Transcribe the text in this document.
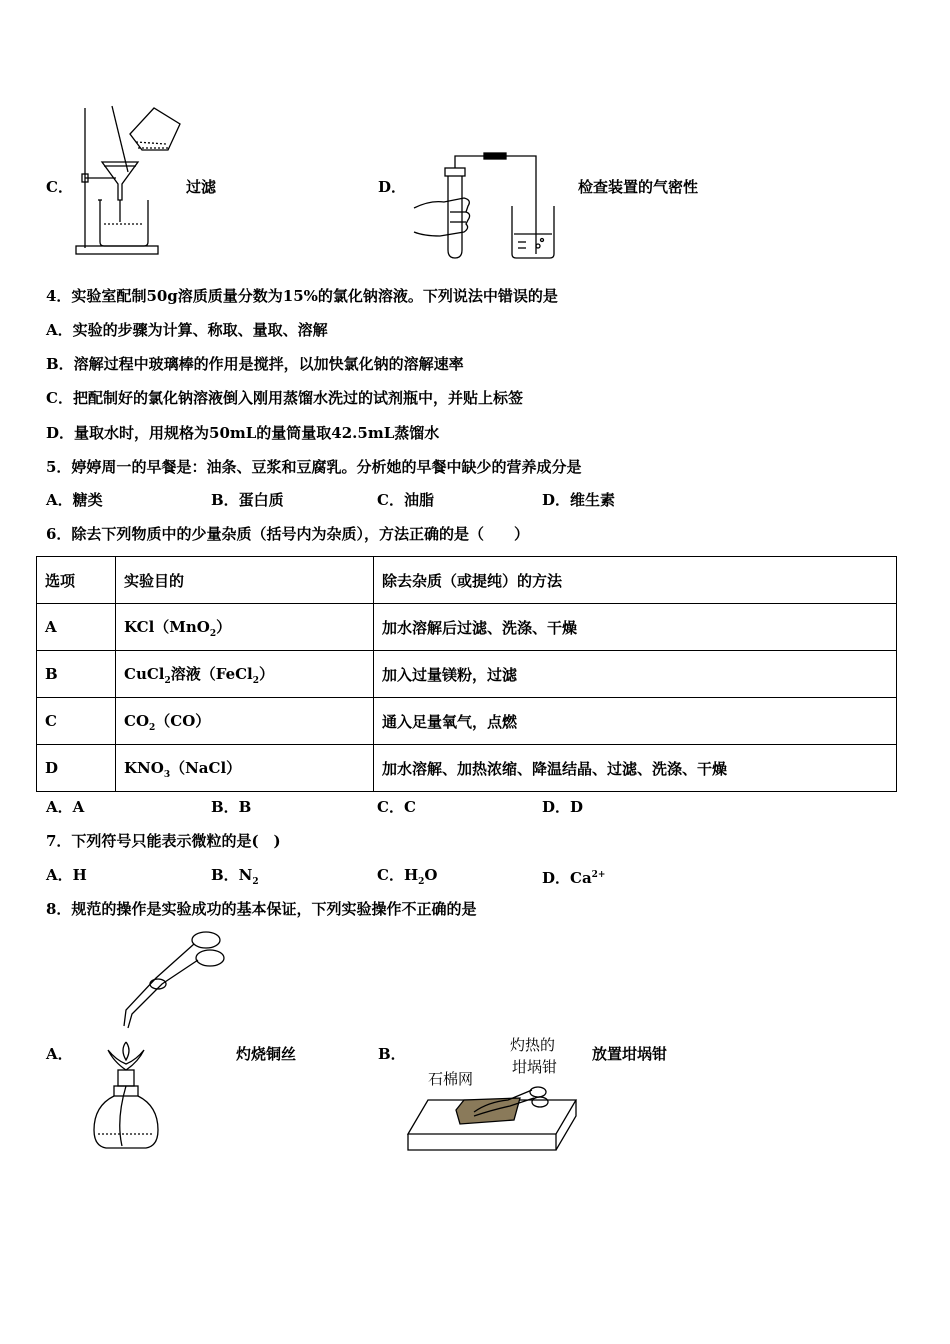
C．	过滤	D．	检查装置的气密性
4．实验室配制50g溶质质量分数为15%的氯化钠溶液。下列说法中错误的是
A．实验的步骤为计算、称取、量取、溶解
B．溶解过程中玻璃棒的作用是搅拌，以加快氯化钠的溶解速率
C．把配制好的氯化钠溶液倒入刚用蒸馏水洗过的试剂瓶中，并贴上标签
D．量取水时，用规格为50mL的量筒量取42.5mL蒸馏水
5．婷婷周一的早餐是：油条、豆浆和豆腐乳。分析她的早餐中缺少的营养成分是
A．糖类	B．蛋白质	C．油脂	D．维生素
6．除去下列物质中的少量杂质（括号内为杂质），方法正确的是（　　）
选项	实验目的	除去杂质（或提纯）的方法
A	KCl（MnO$_2$）	加水溶解后过滤、洗涤、干燥
B	CuCl$_2$溶液（FeCl$_2$）	加入过量镁粉，过滤
C	$CO_2(CO)$	通入足量氧气，点燃
D	$KNO_3(NaCl)$	加水溶解、加热浓缩、降温结晶、过滤、洗涤、干燥
A．A	B．B	C．C	D．D
7．下列符号只能表示微粒的是(　)
A．H	B．$N_2$	C．$H_2O$	D．$Ca^{2+}$
8．规范的操作是实验成功的基本保证，下列实验操作不正确的是
A．	灼烧铜丝	B．	灼热的
坩埚钳
石棉网
放置坩埚钳
